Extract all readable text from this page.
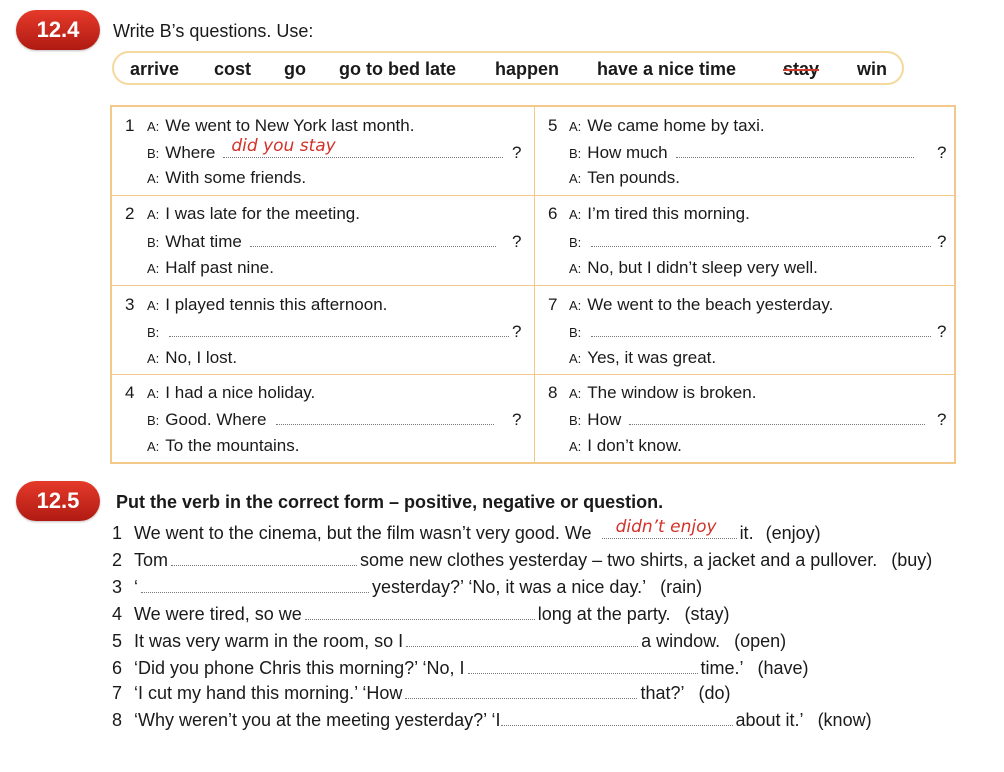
12.4	Write B’s questions. Use:
arrive cost go go to bed late happen have a nice time	stay win
1 A: We went to New York last month.
B: Where did you stay	?
A: With some friends.
2 A: I was late for the meeting.
B: What time	?
A: Half past nine.
3 A: I played tennis this afternoon.
B:	?
A: No, I lost.
4 A: I had a nice holiday.
B: Good. Where	?
A: To the mountains.
5 A: We came home by taxi.
B: How much	?
A: Ten pounds.
6 A: I’m tired this morning.
B:	?
A: No, but I didn’t sleep very well.
7 A: We went to the beach yesterday.
B:	?
A: Yes, it was great.
8 A: The window is broken.
B: How	?
A: I don’t know.
12.5	Put the verb in the correct form – positive, negative or question.
1 We went to the cinema, but the film wasn’t very good. We didn’t enjoy it. (enjoy)
2 Tom	some new clothes yesterday – two shirts, a jacket and a pullover. (buy)
3 ‘	yesterday?’ ‘No, it was a nice day.’ (rain)
4 We were tired, so we	long at the party. (stay)
5 It was very warm in the room, so I	a window. (open)
6 ‘Did you phone Chris this morning?’ ‘No, I	time.’ (have)
7 ‘I cut my hand this morning.’ ‘How	that?’ (do)
8 ‘Why weren’t you at the meeting yesterday?’ ‘I	about it.’ (know)
